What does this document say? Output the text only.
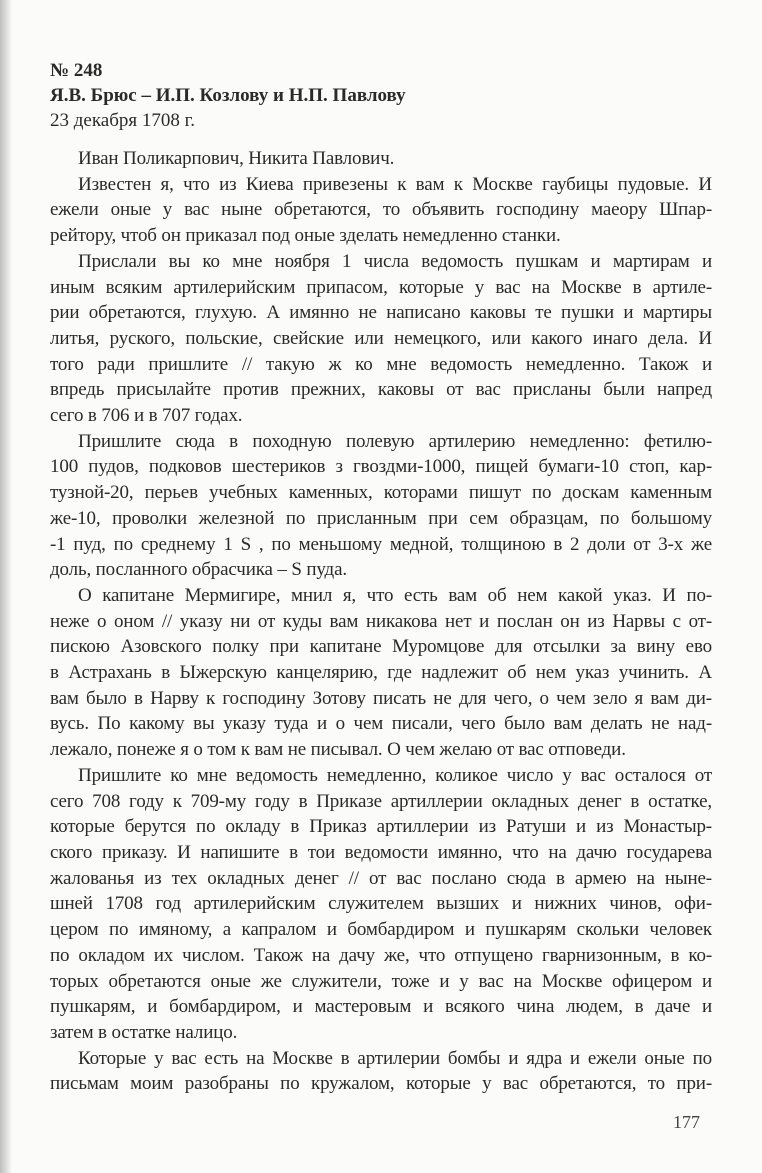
№ 248
Я.В. Брюс – И.П. Козлову и Н.П. Павлову
23 декабря 1708 г.
Иван Поликарпович, Никита Павлович.
Известен я, что из Киева привезены к вам к Москве гаубицы пудовые. И
ежели оные у вас ныне обретаются, то объявить господину маеору Шпар-
рейтору, чтоб он приказал под оные зделать немедленно станки.
Прислали вы ко мне ноября 1 числа ведомость пушкам и мартирам и
иным всяким артилерийским припасом, которые у вас на Москве в артиле-
рии обретаются, глухую. А имянно не написано каковы те пушки и мартиры
литья, руского, польские, свейские или немецкого, или какого инаго дела. И
того ради пришлите // такую ж ко мне ведомость немедленно. Також и
впредь присылайте против прежних, каковы от вас присланы были напред
сего в 706 и в 707 годах.
Пришлите сюда в походную полевую артилерию немедленно: фетилю-
100 пудов, подковов шестериков з гвоздми-1000, пищей бумаги-10 стоп, кар-
тузной-20, перьев учебных каменных, которами пишут по доскам каменным
же-10, проволки железной по присланным при сем образцам, по большому
-1 пуд, по среднему 1 S , по меньшому медной, толщиною в 2 доли от 3-х же
доль, посланного обрасчика – S пуда.
О капитане Мермигире, мнил я, что есть вам об нем какой указ. И по-
неже о оном // указу ни от куды вам никакова нет и послан он из Нарвы с от-
пискою Азовского полку при капитане Муромцове для отсылки за вину ево
в Астрахань в Ыжерскую канцелярию, где надлежит об нем указ учинить. А
вам было в Нарву к господину Зотову писать не для чего, о чем зело я вам ди-
вусь. По какому вы указу туда и о чем писали, чего было вам делать не над-
лежало, понеже я о том к вам не писывал. О чем желаю от вас отповеди.
Пришлите ко мне ведомость немедленно, коликое число у вас осталося от
сего 708 году к 709-му году в Приказе артиллерии окладных денег в остатке,
которые берутся по окладу в Приказ артиллерии из Ратуши и из Монастыр-
ского приказу. И напишите в тои ведомости имянно, что на дачю государева
жалованья из тех окладных денег // от вас послано сюда в армею на ныне-
шней 1708 год артилерийским служителем вызших и нижних чинов, офи-
цером по имяному, а капралом и бомбардиром и пушкарям скольки человек
по окладом их числом. Також на дачу же, что отпущено гварнизонным, в ко-
торых обретаются оные же служители, тоже и у вас на Москве офицером и
пушкарям, и бомбардиром, и мастеровым и всякого чина людем, в даче и
затем в остатке налицо.
Которые у вас есть на Москве в артилерии бомбы и ядра и ежели оные по
письмам моим разобраны по кружалом, которые у вас обретаются, то при-
177
